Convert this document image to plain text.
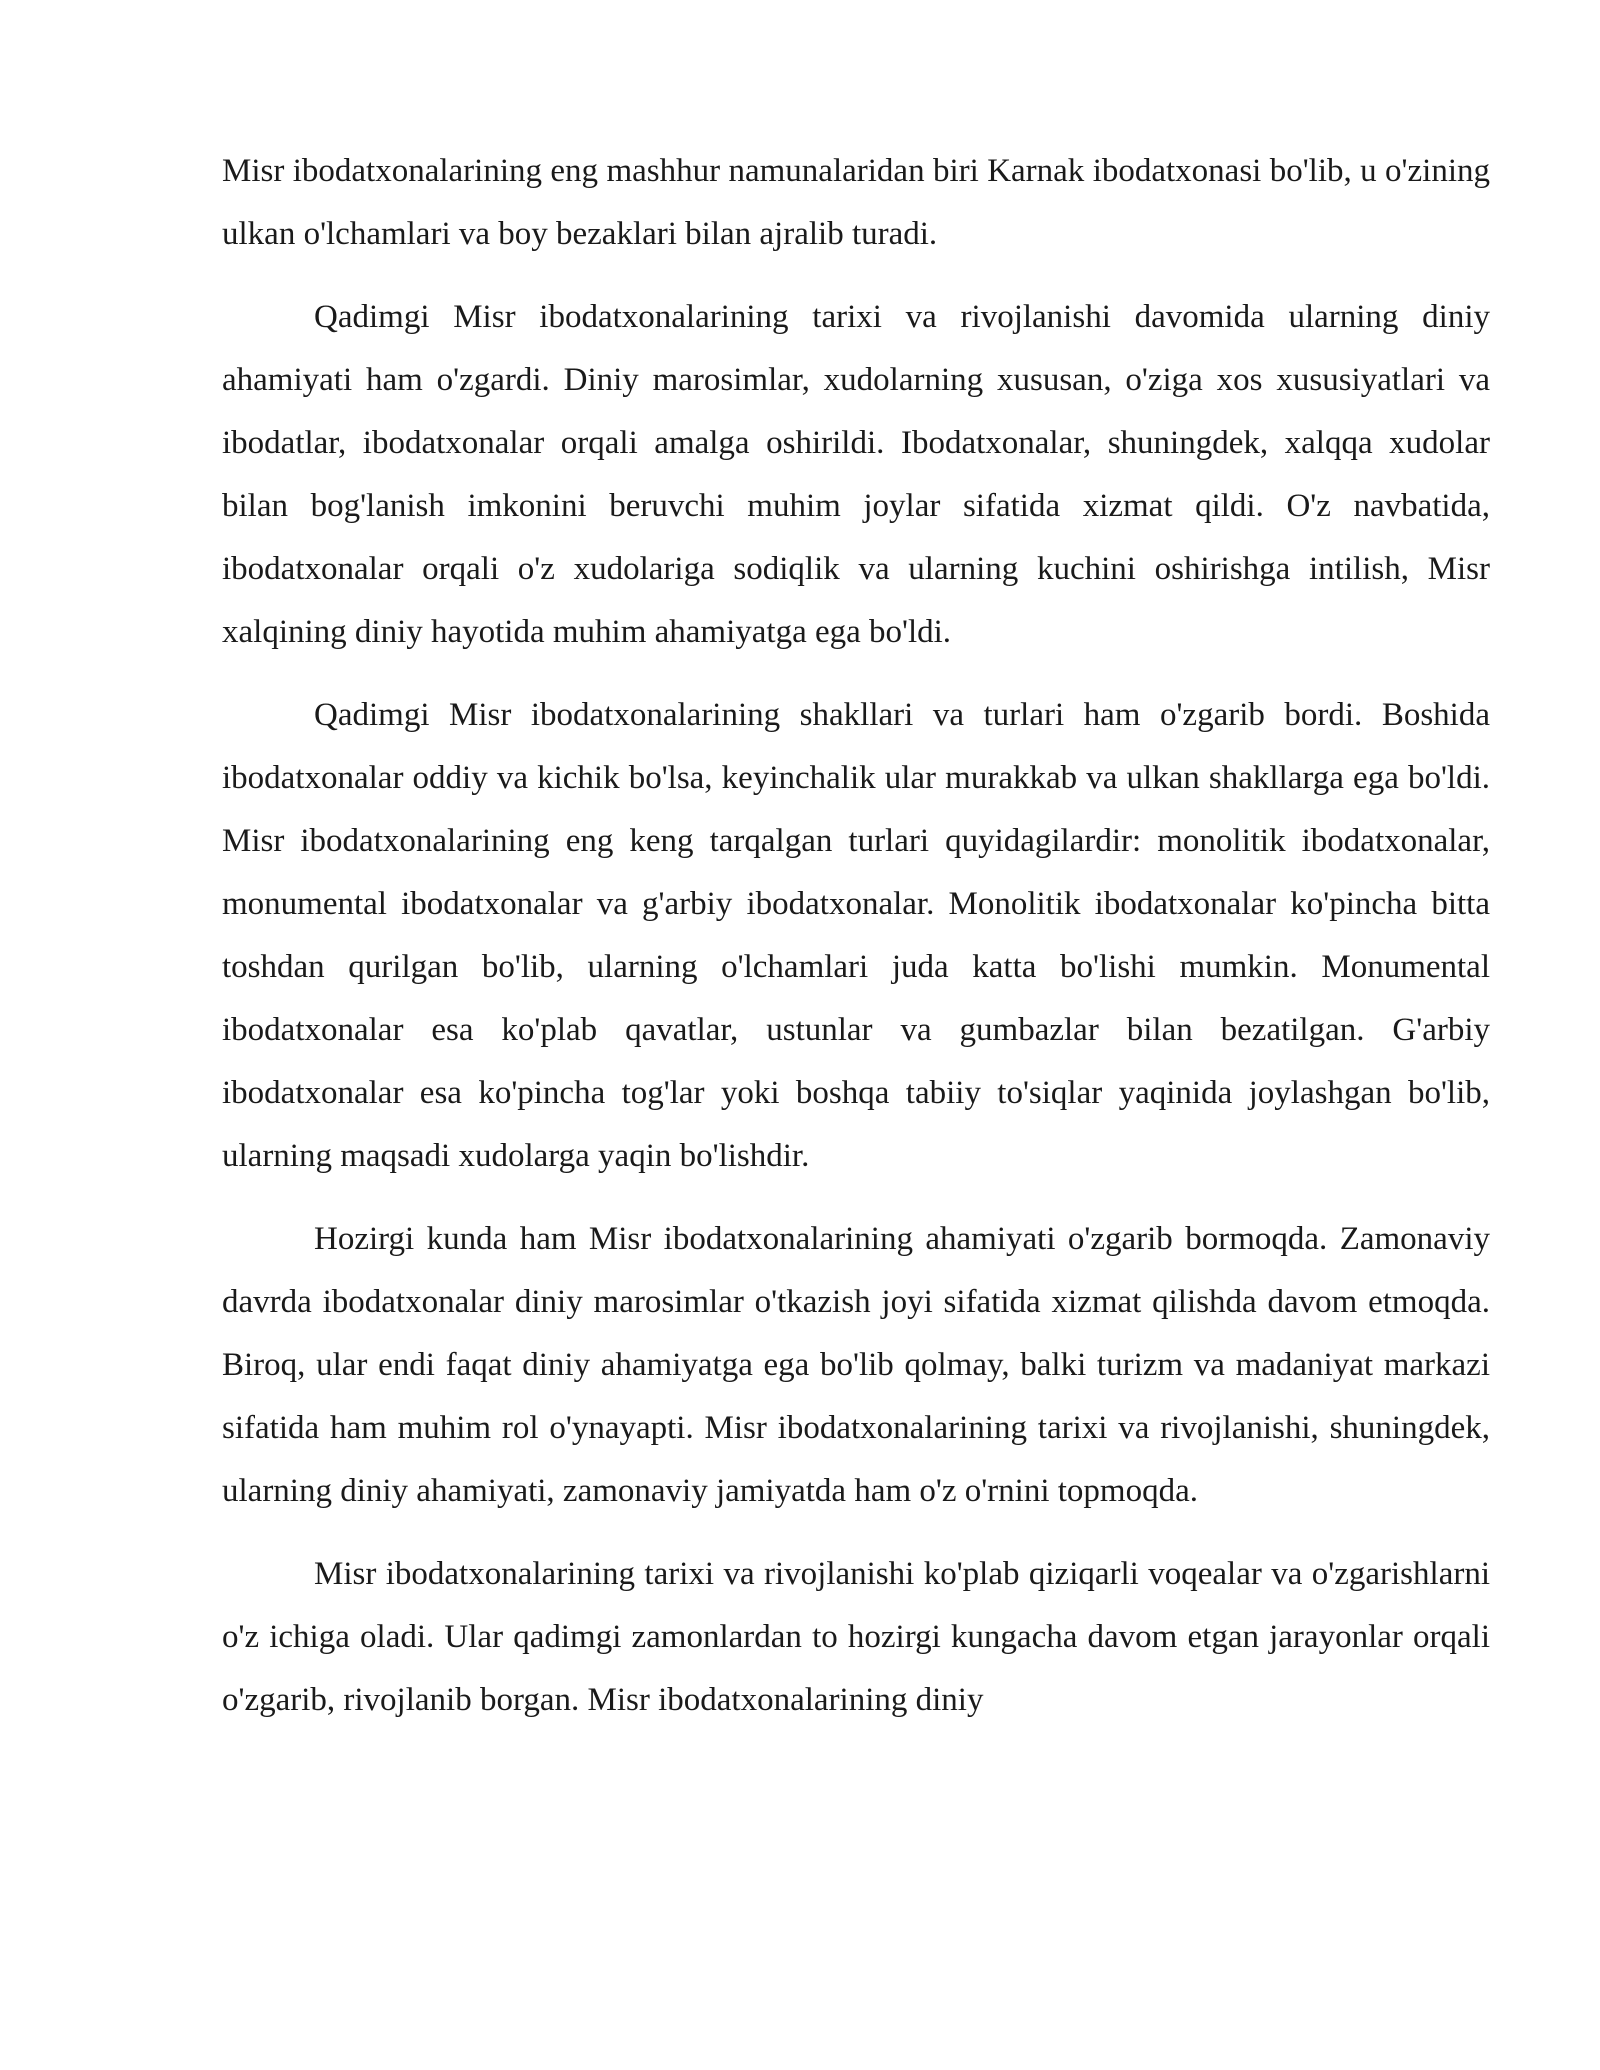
Misr ibodatxonalarining eng mashhur namunalaridan biri Karnak ibodatxonasi bo'lib, u o'zining ulkan o'lchamlari va boy bezaklari bilan ajralib turadi.

Qadimgi Misr ibodatxonalarining tarixi va rivojlanishi davomida ularning diniy ahamiyati ham o'zgardi. Diniy marosimlar, xudolarning xususan, o'ziga xos xususiyatlari va ibodatlar, ibodatxonalar orqali amalga oshirildi. Ibodatxonalar, shuningdek, xalqqa xudolar bilan bog'lanish imkonini beruvchi muhim joylar sifatida xizmat qildi. O'z navbatida, ibodatxonalar orqali o'z xudolariga sodiqlik va ularning kuchini oshirishga intilish, Misr xalqining diniy hayotida muhim ahamiyatga ega bo'ldi.

Qadimgi Misr ibodatxonalarining shakllari va turlari ham o'zgarib bordi. Boshida ibodatxonalar oddiy va kichik bo'lsa, keyinchalik ular murakkab va ulkan shakllarga ega bo'ldi. Misr ibodatxonalarining eng keng tarqalgan turlari quyidagilardir: monolitik ibodatxonalar, monumental ibodatxonalar va g'arbiy ibodatxonalar. Monolitik ibodatxonalar ko'pincha bitta toshdan qurilgan bo'lib, ularning o'lchamlari juda katta bo'lishi mumkin. Monumental ibodatxonalar esa ko'plab qavatlar, ustunlar va gumbazlar bilan bezatilgan. G'arbiy ibodatxonalar esa ko'pincha tog'lar yoki boshqa tabiiy to'siqlar yaqinida joylashgan bo'lib, ularning maqsadi xudolarga yaqin bo'lishdir.

Hozirgi kunda ham Misr ibodatxonalarining ahamiyati o'zgarib bormoqda. Zamonaviy davrda ibodatxonalar diniy marosimlar o'tkazish joyi sifatida xizmat qilishda davom etmoqda. Biroq, ular endi faqat diniy ahamiyatga ega bo'lib qolmay, balki turizm va madaniyat markazi sifatida ham muhim rol o'ynayapti. Misr ibodatxonalarining tarixi va rivojlanishi, shuningdek, ularning diniy ahamiyati, zamonaviy jamiyatda ham o'z o'rnini topmoqda.

Misr ibodatxonalarining tarixi va rivojlanishi ko'plab qiziqarli voqealar va o'zgarishlarni o'z ichiga oladi. Ular qadimgi zamonlardan to hozirgi kungacha davom etgan jarayonlar orqali o'zgarib, rivojlanib borgan. Misr ibodatxonalarining diniy
